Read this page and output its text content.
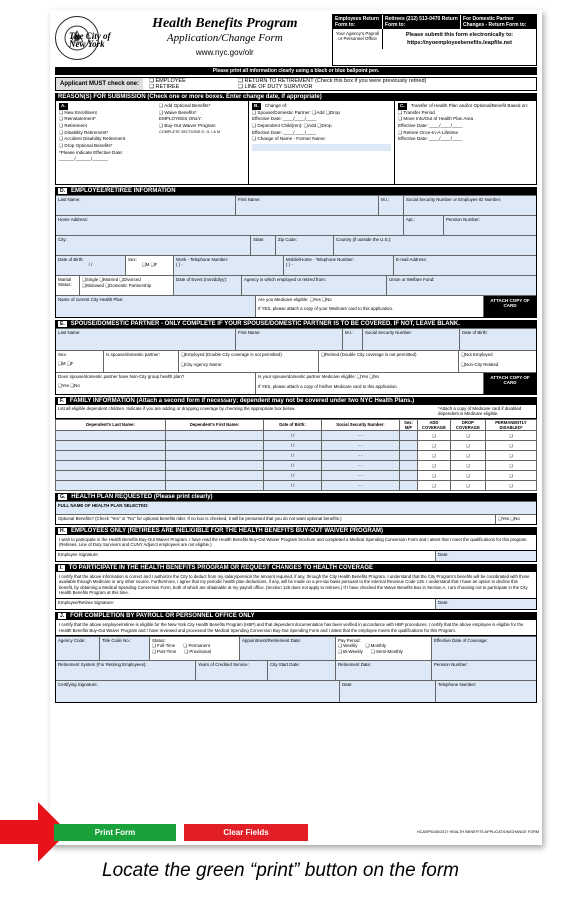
The City of New York
Health Benefits Program
Application/Change Form
www.nyc.gov/olr
Employees Return Form to:
Retirees (212) 513-0470 Return Form to:
For Domestic Partner Changes - Return Form to:
Your Agency's Payroll or Personnel Office
Please submit this form electronically to:
https://nyoemployeebenefits.leapfile.net
Please print all information clearly using a black or blue ballpoint pen.
Applicant MUST check one:	❑ EMPLOYEE
❑ RETIREE
❑ RETURN TO RETIREMENT (Check this box if you were previously retired)
❑ LINE OF DUTY SURVIVOR
REASON(S) FOR SUBMISSION (Check one or more boxes. Enter change date, if appropriate)
A.
❑ New Enrollment
❑ Reinstatement*
❑ Retirement
❑ Disability Retirement*
❑ Accident Disability Retirement
❑ Drop Optional Benefits*
*Please indicate Effective Date: ______/______/______
❑ Add Optional Benefits*
❑ Waive Benefits*
EMPLOYEES ONLY:
❑ Buy-Out Waiver Program
COMPLETE SECTIONS G, H, I & M
B. Change of:
❑ Spouse/Domestic Partner: ❑Add ❑Drop
Effective Date: ____/____/____
❑ Dependent Child(ren): ❑Add ❑Drop
Effective Date: ____/____/____
❑ Change of Name - Former Name:
C. Transfer of Health Plan and/or Optional/Benefit Based on:
❑ Transfer Period
❑ Move Into/Out of Health Plan Area
Effective Date: ____/____/____
❑ Retiree Once-In-A-Lifetime
Effective Date: ____/____/____
D.	EMPLOYEE/RETIREE INFORMATION
Last Name:	First Name:	M.I.:	Social Security Number or Employee ID Number:
Home Address:	Apt.:	Pension Number:
City:	State:	Zip Code:	Country (if outside the U.S.):
Date of Birth:
/ /
Sex:
❑M ❑F
Work - Telephone Number:
( ) -
Mobile/Home - Telephone Number:
( ) -
E-mail Address:
Marital Status:
❑Single ❑Married ❑Divorced
❑Widowed ❑Domestic Partnership
Date of Event (mm/dd/yy):	Agency in which employed or retired from:	Union or Welfare Fund:
Name of current City Health Plan:	Are you Medicare eligible: ❑Yes ❑No
If YES, please attach a copy of your Medicare card to this application.
ATTACH COPY OF CARD
E.	SPOUSE/DOMESTIC PARTNER - ONLY COMPLETE IF YOUR SPOUSE/DOMESTIC PARTNER IS TO BE COVERED. IF NOT, LEAVE BLANK.
Last Name:	First Name:	M.I.:	Social Security Number:	Date of Birth:
Sex:
❑M ❑F
Is spouse/domestic partner:	❑Employed (Double City coverage is not permitted)
❑City Agency Name:
❑Retired (Double City coverage is not permitted)	❑Not Employed
❑Non-City Related
Does spouse/domestic partner have Non-City group health plan?
❑Yes ❑No
Is your spouse/domestic partner Medicare eligible: ❑Yes ❑No
If YES, please attach a copy of his/her Medicare card to this application.
ATTACH COPY OF CARD
F.	FAMILY INFORMATION (Attach a second form if necessary; dependent may not be covered under two NYC Health Plans.)
List all eligible dependent children. Indicate if you are adding or dropping coverage by checking the appropriate box below.	*Attach a copy of Medicare card if disabled dependent is Medicare eligible.
Dependent's Last Name:	Dependent's First Name:	Date of Birth:	Social Security Number:	Sex: M/F	ADD COVERAGE	DROP COVERAGE	PERMANENTLY DISABLED*
		/ /	- -		❑	❑	❑
		/ /	- -		❑	❑	❑
		/ /	- -		❑	❑	❑
		/ /	- -		❑	❑	❑
		/ /	- -		❑	❑	❑
		/ /	- -		❑	❑	❑
G.	HEALTH PLAN REQUESTED (Please print clearly)
FULL NAME OF HEALTH PLAN SELECTED:
Optional Benefits? (Check "Yes" or "No" for optional benefits rider. If no box is checked, it will be presumed that you do not want optional benefits.)	❑Yes ❑No
H.	EMPLOYEES ONLY (RETIREES ARE INELIGIBLE FOR THE HEALTH BENEFITS BUY-OUT WAIVER PROGRAM)
I wish to participate in the Health Benefits Buy-Out Waiver Program. I have read the Health Benefits Buy-Out Waiver Program brochure and completed a Medical Spending Conversion Form and I attest that I meet the qualifications for this program. (Retirees, Line of Duty Survivors and CUNY Adjunct employees are not eligible.)
Employee Signature:	Date:
I.	TO PARTICIPATE IN THE HEALTH BENEFITS PROGRAM OR REQUEST CHANGES TO HEALTH COVERAGE
I certify that the above information is correct and I authorize the City to deduct from my salary/pension the amount required, if any, through the City Health Benefits Program. I understand that the City Program's benefits will be coordinated with those available through Medicare or any other source. Furthermore, I agree that my periodic health plan deductions, if any, will be made on a pre-tax basis pursuant to the Internal Revenue Code 125. I understand that I have an option to decline this benefit, by obtaining a Medical Spending Conversion Form, both of which are obtainable at my payroll office. (Section 125 does not apply to retirees.) If I have checked the Waive Benefits Box in Section A, I am choosing not to participate in the City Health Benefits Program at this time.
Employee/Retiree Signature:	Date:
J.	FOR COMPLETION BY PAYROLL OR PERSONNEL OFFICE ONLY
I certify that the above employee/retiree is eligible for the New York City Health Benefits Program (HBP) and that dependent documentation has been verified in accordance with HBP procedures. I certify that the above employee is eligible for the Health Benefits Buy-Out Waiver Program and I have reviewed and processed the Medical Spending Conversion Buy-Out Spending Form and I attest that the employee meets the qualifications for this Program.
Agency Code:	Title Code No.:	Status:
❑ Full-Time ❑ Permanent
❑ Part-Time ❑ Provisional
Appointment/Retirement Date:	Pay Period:
❑ Weekly ❑ Monthly
❑ Bi-Weekly ❑ Semi-Monthly
Effective Date of Coverage:
Retirement System (For Retiring Employees):	Years of Credited Service:	City Start Date:	Retirement Date:	Pension Number:
Certifying Signature:	Date:	Telephone Number:
Print Form	Clear Fields	HCASPS045/2017 HEALTH BENEFITS APPLICATION/CHANGE FORM
Locate the green “print” button on the form
